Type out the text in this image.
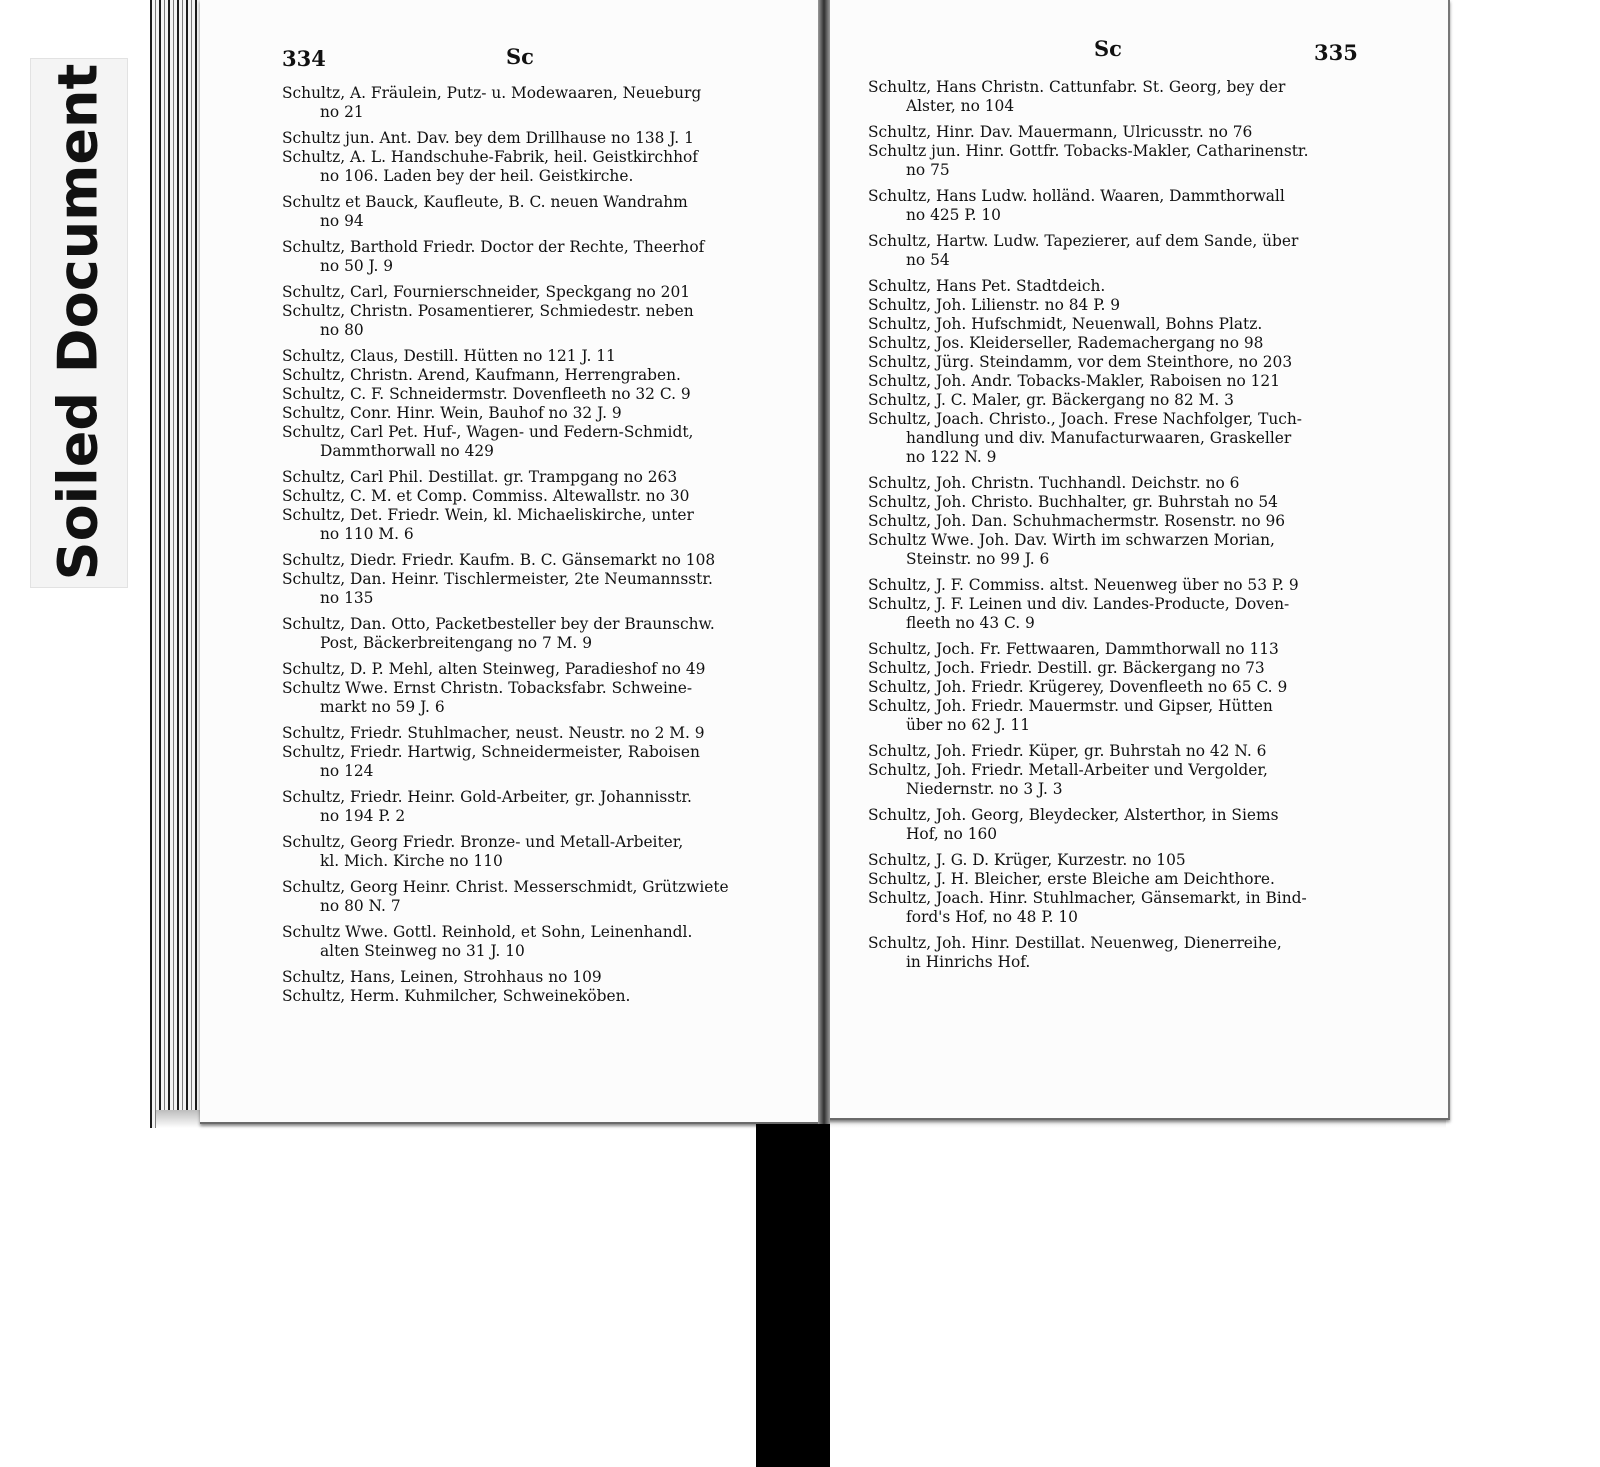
Soiled Document
334	Sc	Sc	335

Schultz, A. Fräulein, Putz- u. Modewaaren, Neueburg
no 21

Schultz jun. Ant. Dav. bey dem Drillhause no 138 J. 1

Schultz, A. L. Handschuhe-Fabrik, heil. Geistkirchhof
no 106. Laden bey der heil. Geistkirche.

Schultz et Bauck, Kaufleute, B. C. neuen Wandrahm
no 94

Schultz, Barthold Friedr. Doctor der Rechte, Theerhof
no 50 J. 9

Schultz, Carl, Fournierschneider, Speckgang no 201

Schultz, Christn. Posamentierer, Schmiedestr. neben
no 80

Schultz, Claus, Destill. Hütten no 121 J. 11

Schultz, Christn. Arend, Kaufmann, Herrengraben.

Schultz, C. F. Schneidermstr. Dovenfleeth no 32 C. 9

Schultz, Conr. Hinr. Wein, Bauhof no 32 J. 9

Schultz, Carl Pet. Huf-, Wagen- und Federn-Schmidt,
Dammthorwall no 429

Schultz, Carl Phil. Destillat. gr. Trampgang no 263

Schultz, C. M. et Comp. Commiss. Altewallstr. no 30

Schultz, Det. Friedr. Wein, kl. Michaeliskirche, unter
no 110 M. 6

Schultz, Diedr. Friedr. Kaufm. B. C. Gänsemarkt no 108

Schultz, Dan. Heinr. Tischlermeister, 2te Neumannsstr.
no 135

Schultz, Dan. Otto, Packetbesteller bey der Braunschw.
Post, Bäckerbreitengang no 7 M. 9

Schultz, D. P. Mehl, alten Steinweg, Paradieshof no 49

Schultz Wwe. Ernst Christn. Tobacksfabr. Schweine-
markt no 59 J. 6

Schultz, Friedr. Stuhlmacher, neust. Neustr. no 2 M. 9

Schultz, Friedr. Hartwig, Schneidermeister, Raboisen
no 124

Schultz, Friedr. Heinr. Gold-Arbeiter, gr. Johannisstr.
no 194 P. 2

Schultz, Georg Friedr. Bronze- und Metall-Arbeiter,
kl. Mich. Kirche no 110

Schultz, Georg Heinr. Christ. Messerschmidt, Grützwiete
no 80 N. 7

Schultz Wwe. Gottl. Reinhold, et Sohn, Leinenhandl.
alten Steinweg no 31 J. 10

Schultz, Hans, Leinen, Strohhaus no 109

Schultz, Herm. Kuhmilcher, Schweineköben.

Schultz, Hans Christn. Cattunfabr. St. Georg, bey der
Alster, no 104

Schultz, Hinr. Dav. Mauermann, Ulricusstr. no 76

Schultz jun. Hinr. Gottfr. Tobacks-Makler, Catharinenstr.
no 75

Schultz, Hans Ludw. holländ. Waaren, Dammthorwall
no 425 P. 10

Schultz, Hartw. Ludw. Tapezierer, auf dem Sande, über
no 54

Schultz, Hans Pet. Stadtdeich.

Schultz, Joh. Lilienstr. no 84 P. 9

Schultz, Joh. Hufschmidt, Neuenwall, Bohns Platz.

Schultz, Jos. Kleiderseller, Rademachergang no 98

Schultz, Jürg. Steindamm, vor dem Steinthore, no 203

Schultz, Joh. Andr. Tobacks-Makler, Raboisen no 121

Schultz, J. C. Maler, gr. Bäckergang no 82 M. 3

Schultz, Joach. Christo., Joach. Frese Nachfolger, Tuch-
handlung und div. Manufacturwaaren, Graskeller
no 122 N. 9

Schultz, Joh. Christn. Tuchhandl. Deichstr. no 6

Schultz, Joh. Christo. Buchhalter, gr. Buhrstah no 54

Schultz, Joh. Dan. Schuhmachermstr. Rosenstr. no 96

Schultz Wwe. Joh. Dav. Wirth im schwarzen Morian,
Steinstr. no 99 J. 6

Schultz, J. F. Commiss. altst. Neuenweg über no 53 P. 9

Schultz, J. F. Leinen und div. Landes-Producte, Doven-
fleeth no 43 C. 9

Schultz, Joch. Fr. Fettwaaren, Dammthorwall no 113

Schultz, Joch. Friedr. Destill. gr. Bäckergang no 73

Schultz, Joh. Friedr. Krügerey, Dovenfleeth no 65 C. 9

Schultz, Joh. Friedr. Mauermstr. und Gipser, Hütten
über no 62 J. 11

Schultz, Joh. Friedr. Küper, gr. Buhrstah no 42 N. 6

Schultz, Joh. Friedr. Metall-Arbeiter und Vergolder,
Niedernstr. no 3 J. 3

Schultz, Joh. Georg, Bleydecker, Alsterthor, in Siems
Hof, no 160

Schultz, J. G. D. Krüger, Kurzestr. no 105

Schultz, J. H. Bleicher, erste Bleiche am Deichthore.

Schultz, Joach. Hinr. Stuhlmacher, Gänsemarkt, in Bind-
ford's Hof, no 48 P. 10

Schultz, Joh. Hinr. Destillat. Neuenweg, Dienerreihe,
in Hinrichs Hof.
